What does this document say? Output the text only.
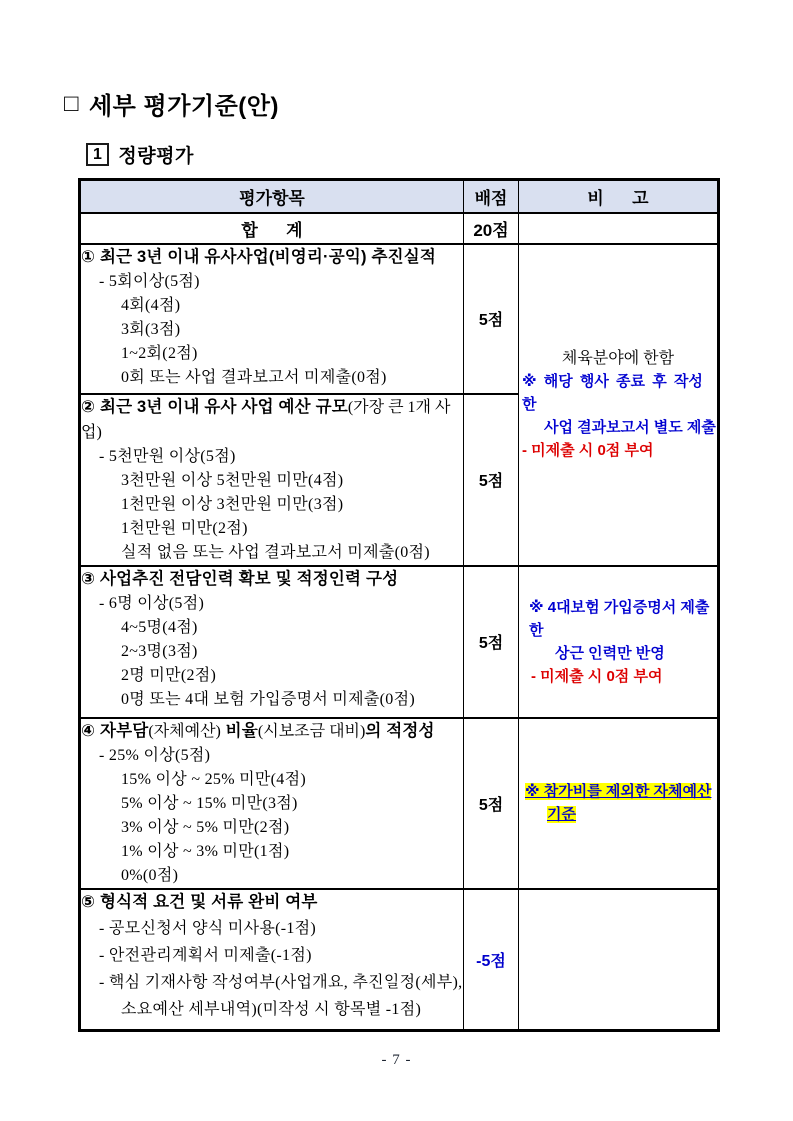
□ 세부 평가기준(안)
1 정량평가
평가항목	배점	비      고
합      계	20점	

① 최근 3년 이내 유사사업(비영리·공익) 추진실적
- 5회이상(5점)
4회(4점)
3회(3점)
1~2회(2점)
0회 또는 사업 결과보고서 미제출(0점)
	5점	
체육분야에 한함
※ 해당 행사 종료 후 작성한
사업 결과보고서 별도 제출
- 미제출 시 0점 부여

② 최근 3년 이내 유사 사업 예산 규모(가장 큰 1개 사업)
- 5천만원 이상(5점)
3천만원 이상 5천만원 미만(4점)
1천만원 이상 3천만원 미만(3점)
1천만원 미만(2점)
실적 없음 또는 사업 결과보고서 미제출(0점)
	5점

③ 사업추진 전담인력 확보 및 적정인력 구성
- 6명 이상(5점)
4~5명(4점)
2~3명(3점)
2명 미만(2점)
0명 또는 4대 보험 가입증명서 미제출(0점)
	5점	
※ 4대보험 가입증명서 제출한
상근 인력만 반영
- 미제출 시 0점 부여

④ 자부담(자체예산) 비율(시보조금 대비)의 적정성
- 25% 이상(5점)
15% 이상 ~ 25% 미만(4점)
5% 이상 ~ 15% 미만(3점)
3% 이상 ~ 5% 미만(2점)
1% 이상 ~ 3% 미만(1점)
0%(0점)
	5점	
※ 참가비를 제외한 자체예산
기준

⑤ 형식적 요건 및 서류 완비 여부
- 공모신청서 양식 미사용(-1점)
- 안전관리계획서 미제출(-1점)
- 핵심 기재사항 작성여부(사업개요, 추진일정(세부), 소요예산 세부내역)(미작성 시 항목별 -1점)	-5점	
- 7 -
